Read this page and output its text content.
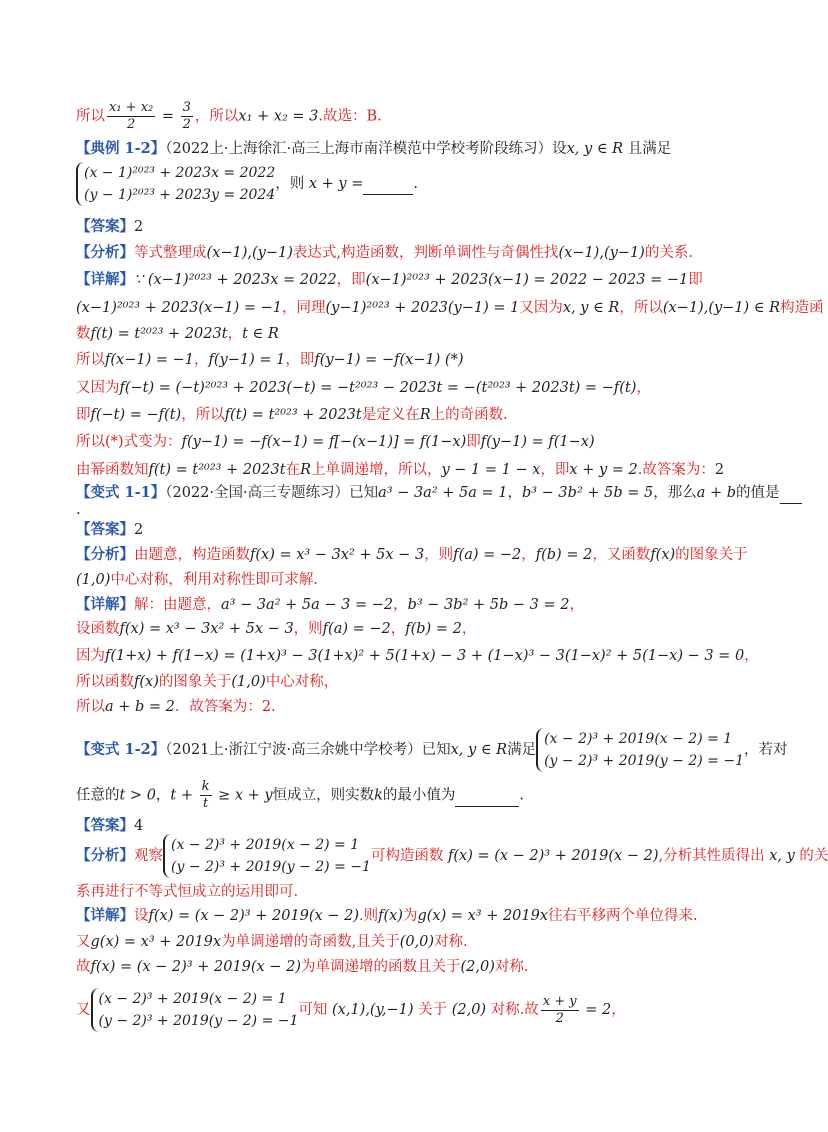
所以 $\frac{\text{x₁ + x₂}}{2} = \frac{3}{2}$ ，所以x₁ + x₂ = 3.故选：B.
【典例 1-2】（2022上·上海徐汇·高三上海市南洋模范中学校考阶段练习）设x, y ∈ R 且满足
(x − 1)²⁰²³ + 2023x = 2022
(y − 1)²⁰²³ + 2023y = 2024
，则 x + y =	.
【答案】2
【分析】等式整理成(x−1),(y−1)表达式,构造函数，判断单调性与奇偶性找(x−1),(y−1)的关系.
【详解】∵ (x−1)²⁰²³ + 2023x = 2022，即(x−1)²⁰²³ + 2023(x−1) = 2022 − 2023 = −1即
(x−1)²⁰²³ + 2023(x−1) = −1，同理(y−1)²⁰²³ + 2023(y−1) = 1又因为x, y ∈ R，所以(x−1),(y−1) ∈ R构造函
数f(t) = t²⁰²³ + 2023t，t ∈ R
所以f(x−1) = −1，f(y−1) = 1，即f(y−1) = −f(x−1) (*)
又因为f(−t) = (−t)²⁰²³ + 2023(−t) = −t²⁰²³ − 2023t = −(t²⁰²³ + 2023t) = −f(t)，
即f(−t) = −f(t)，所以f(t) = t²⁰²³ + 2023t是定义在R上的奇函数.
所以(*)式变为：f(y−1) = −f(x−1) = f[−(x−1)] = f(1−x)即f(y−1) = f(1−x)
由幂函数知f(t) = t²⁰²³ + 2023t在R上单调递增，所以，y − 1 = 1 − x，即x + y = 2.故答案为：2
【变式 1-1】（2022·全国·高三专题练习）已知a³ − 3a² + 5a = 1，b³ − 3b² + 5b = 5，那么a + b的值是
.
【答案】2
【分析】由题意，构造函数f(x) = x³ − 3x² + 5x − 3，则f(a) = −2，f(b) = 2，又函数f(x)的图象关于
(1,0)中心对称，利用对称性即可求解.
【详解】解：由题意，a³ − 3a² + 5a − 3 = −2，b³ − 3b² + 5b − 3 = 2，
设函数f(x) = x³ − 3x² + 5x − 3，则f(a) = −2，f(b) = 2，
因为f(1+x) + f(1−x) = (1+x)³ − 3(1+x)² + 5(1+x) − 3 + (1−x)³ − 3(1−x)² + 5(1−x) − 3 = 0，
所以函数f(x)的图象关于(1,0)中心对称，
所以a + b = 2．故答案为：2.
【变式 1-2】（2021上·浙江宁波·高三余姚中学校考）已知x, y ∈ R满足
(x − 2)³ + 2019(x − 2) = 1
(y − 2)³ + 2019(y − 2) = −1
，若对
任意的t > 0，$t + \frac{k}{t} \ge x + y$恒成立，则实数k的最小值为	.
【答案】4
【分析】观察
(x − 2)³ + 2019(x − 2) = 1
(y − 2)³ + 2019(y − 2) = −1
可构造函数 f(x) = (x − 2)³ + 2019(x − 2),分析其性质得出 x, y 的关
系再进行不等式恒成立的运用即可.
【详解】设f(x) = (x − 2)³ + 2019(x − 2).则f(x)为g(x) = x³ + 2019x往右平移两个单位得来.
又g(x) = x³ + 2019x为单调递增的奇函数,且关于(0,0)对称.
故f(x) = (x − 2)³ + 2019(x − 2)为单调递增的函数且关于(2,0)对称.
又
(x − 2)³ + 2019(x − 2) = 1
(y − 2)³ + 2019(y − 2) = −1
可知 (x,1),(y,−1) 关于 (2,0) 对称.故 $\frac{x + y}{2} = 2$，
